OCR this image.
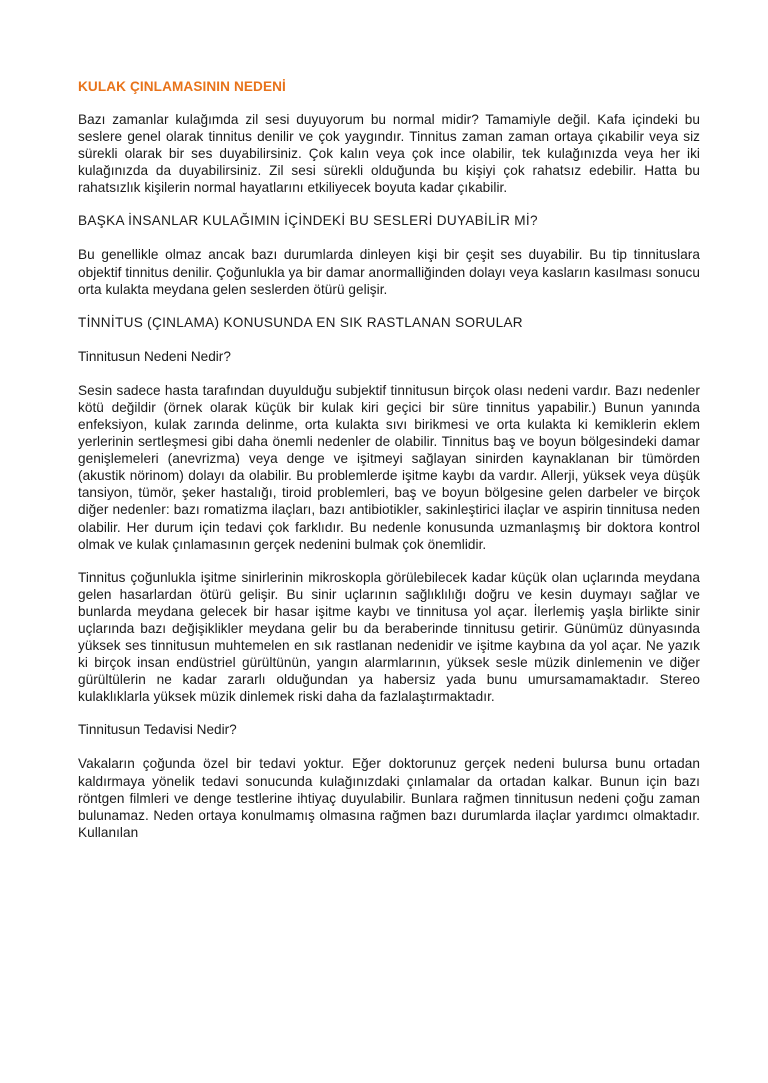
KULAK ÇINLAMASININ NEDENİ

Bazı zamanlar kulağımda zil sesi duyuyorum bu normal midir? Tamamiyle değil. Kafa içindeki bu seslere genel olarak tinnitus denilir ve çok yaygındır. Tinnitus zaman zaman ortaya çıkabilir veya siz sürekli olarak bir ses duyabilirsiniz. Çok kalın veya çok ince olabilir, tek kulağınızda veya her iki kulağınızda da duyabilirsiniz. Zil sesi sürekli olduğunda bu kişiyi çok rahatsız edebilir. Hatta bu rahatsızlık kişilerin normal hayatlarını etkiliyecek boyuta kadar çıkabilir.

BAŞKA İNSANLAR KULAĞIMIN İÇİNDEKİ BU SESLERİ DUYABİLİR Mİ?

Bu genellikle olmaz ancak bazı durumlarda dinleyen kişi bir çeşit ses duyabilir. Bu tip tinnituslara objektif tinnitus denilir. Çoğunlukla ya bir damar anormalliğinden dolayı veya kasların kasılması sonucu orta kulakta meydana gelen seslerden ötürü gelişir.

TİNNİTUS (ÇINLAMA) KONUSUNDA EN SIK RASTLANAN SORULAR
Tinnitusun Nedeni Nedir?

Sesin sadece hasta tarafından duyulduğu subjektif tinnitusun birçok olası nedeni vardır. Bazı nedenler kötü değildir (örnek olarak küçük bir kulak kiri geçici bir süre tinnitus yapabilir.) Bunun yanında enfeksiyon, kulak zarında delinme, orta kulakta sıvı birikmesi ve orta kulakta ki kemiklerin eklem yerlerinin sertleşmesi gibi daha önemli nedenler de olabilir. Tinnitus baş ve boyun bölgesindeki damar genişlemeleri (anevrizma) veya denge ve işitmeyi sağlayan sinirden kaynaklanan bir tümörden (akustik nörinom) dolayı da olabilir. Bu problemlerde işitme kaybı da vardır. Allerji, yüksek veya düşük tansiyon, tümör, şeker hastalığı, tiroid problemleri, baş ve boyun bölgesine gelen darbeler ve birçok diğer nedenler: bazı romatizma ilaçları, bazı antibiotikler, sakinleştirici ilaçlar ve aspirin tinnitusa neden olabilir. Her durum için tedavi çok farklıdır. Bu nedenle konusunda uzmanlaşmış bir doktora kontrol olmak ve kulak çınlamasının gerçek nedenini bulmak çok önemlidir.

Tinnitus çoğunlukla işitme sinirlerinin mikroskopla görülebilecek kadar küçük olan uçlarında meydana gelen hasarlardan ötürü gelişir. Bu sinir uçlarının sağlıklılığı doğru ve kesin duymayı sağlar ve bunlarda meydana gelecek bir hasar işitme kaybı ve tinnitusa yol açar. İlerlemiş yaşla birlikte sinir uçlarında bazı değişiklikler meydana gelir bu da beraberinde tinnitusu getirir. Günümüz dünyasında yüksek ses tinnitusun muhtemelen en sık rastlanan nedenidir ve işitme kaybına da yol açar. Ne yazık ki birçok insan endüstriel gürültünün, yangın alarmlarının, yüksek sesle müzik dinlemenin ve diğer gürültülerin ne kadar zararlı olduğundan ya habersiz yada bunu umursamamaktadır. Stereo kulaklıklarla yüksek müzik dinlemek riski daha da fazlalaştırmaktadır.

Tinnitusun Tedavisi Nedir?

Vakaların çoğunda özel bir tedavi yoktur. Eğer doktorunuz gerçek nedeni bulursa bunu ortadan kaldırmaya yönelik tedavi sonucunda kulağınızdaki çınlamalar da ortadan kalkar. Bunun için bazı röntgen filmleri ve denge testlerine ihtiyaç duyulabilir. Bunlara rağmen tinnitusun nedeni çoğu zaman bulunamaz. Neden ortaya konulmamış olmasına rağmen bazı durumlarda ilaçlar yardımcı olmaktadır. Kullanılan
